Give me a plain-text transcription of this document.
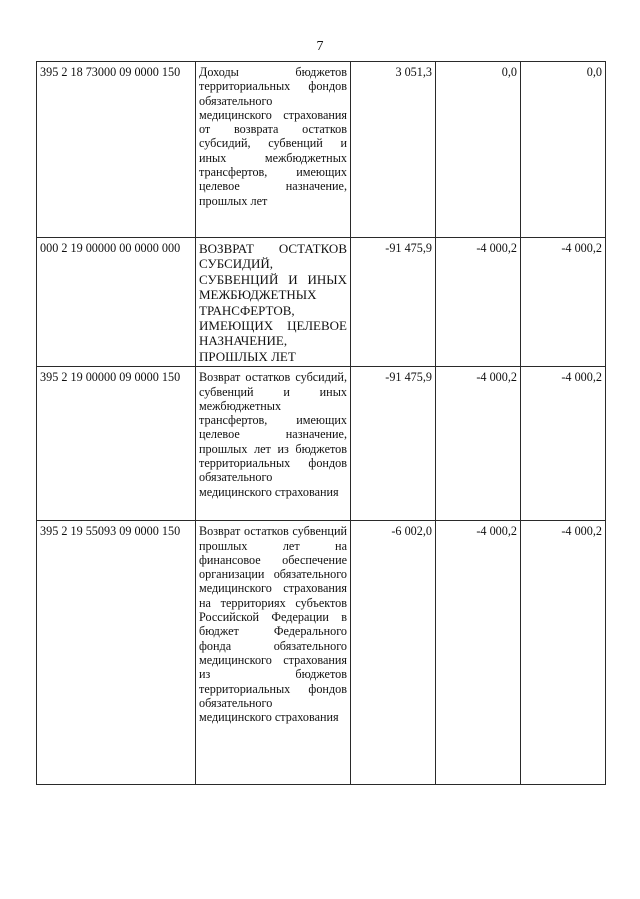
7
395 2 18 73000 09 0000 150	Доходы бюджетов территориальных фондов обязательного медицинского страхования от возврата остатков субсидий, субвенций и иных межбюджетных трансфертов, имеющих целевое назначение, прошлых лет	3 051,3	0,0	0,0
000 2 19 00000 00 0000 000	ВОЗВРАТ ОСТАТКОВ СУБСИДИЙ, СУБВЕНЦИЙ И ИНЫХ МЕЖБЮДЖЕТНЫХ ТРАНСФЕРТОВ, ИМЕЮЩИХ ЦЕЛЕВОЕ НАЗНАЧЕНИЕ, ПРОШЛЫХ ЛЕТ	-91 475,9	-4 000,2	-4 000,2
395 2 19 00000 09 0000 150	Возврат остатков субсидий, субвенций и иных межбюджетных трансфертов, имеющих целевое назначение, прошлых лет из бюджетов территориальных фондов обязательного медицинского страхования	-91 475,9	-4 000,2	-4 000,2
395 2 19 55093 09 0000 150	Возврат остатков субвенций прошлых лет на финансовое обеспечение организации обязательного медицинского страхования на территориях субъектов Российской Федерации в бюджет Федерального фонда обязательного медицинского страхования из бюджетов территориальных фондов обязательного медицинского страхования	-6 002,0	-4 000,2	-4 000,2
